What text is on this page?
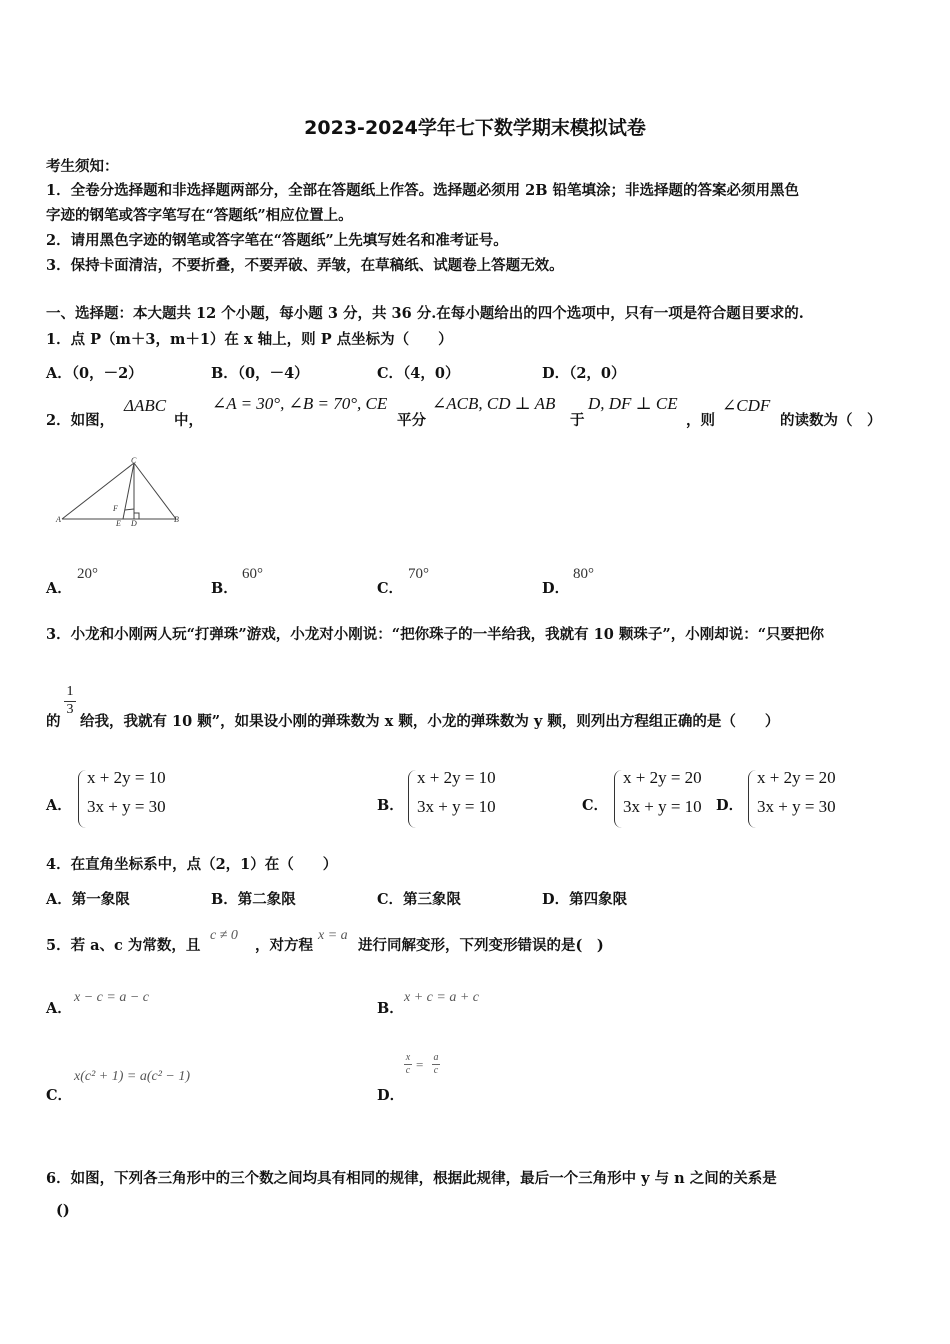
2023-2024学年七下数学期末模拟试卷
考生须知：
1．全卷分选择题和非选择题两部分，全部在答题纸上作答。选择题必须用 2B 铅笔填涂；非选择题的答案必须用黑色
字迹的钢笔或答字笔写在“答题纸”相应位置上。
2．请用黑色字迹的钢笔或答字笔在“答题纸”上先填写姓名和准考证号。
3．保持卡面清洁，不要折叠，不要弄破、弄皱，在草稿纸、试题卷上答题无效。
一、选择题：本大题共 12 个小题，每小题 3 分，共 36 分.在每小题给出的四个选项中，只有一项是符合题目要求的.
1．点 P（m＋3，m＋1）在 x 轴上，则 P 点坐标为（　　）
A．（0，－2）	B．（0，－4）	C．（4，0）	D．（2，0）
2．如图，
ΔABC
中，
∠A = 30°, ∠B = 70°, CE
平分
∠ACB, CD ⊥ AB
于
D, DF ⊥ CE
，则
∠CDF
的读数为（　）
C
A	B
F
E D
A．
20°
B．
60°
C．
70°
D．
80°
3．小龙和小刚两人玩“打弹珠”游戏，小龙对小刚说：“把你珠子的一半给我，我就有 10 颗珠子”，小刚却说：“只要把你
$\frac{1}{3}$
的 给我，我就有 10 颗”，如果设小刚的弹珠数为 x 颗，小龙的弹珠数为 y 颗，则列出方程组正确的是（　　）
A．
x + 2y = 10
3x + y = 30	B．
x + 2y = 10
3x + y = 10	C．
x + 2y = 20
3x + y = 10 D．
x + 2y = 20
3x + y = 30
4．在直角坐标系中，点（2，1）在（　　）
A．第一象限	B．第二象限	C．第三象限	D．第四象限
5．若 a、c 为常数，且
c ≠ 0
，对方程
x = a
进行同解变形，下列变形错误的是(　)
A．
x − c = a − c
B．
x + c = a + c
C．
x(c² + 1) = a(c² − 1)
D．
x
c = a
c
6．如图，下列各三角形中的三个数之间均具有相同的规律，根据此规律，最后一个三角形中 y 与 n 之间的关系是
()
